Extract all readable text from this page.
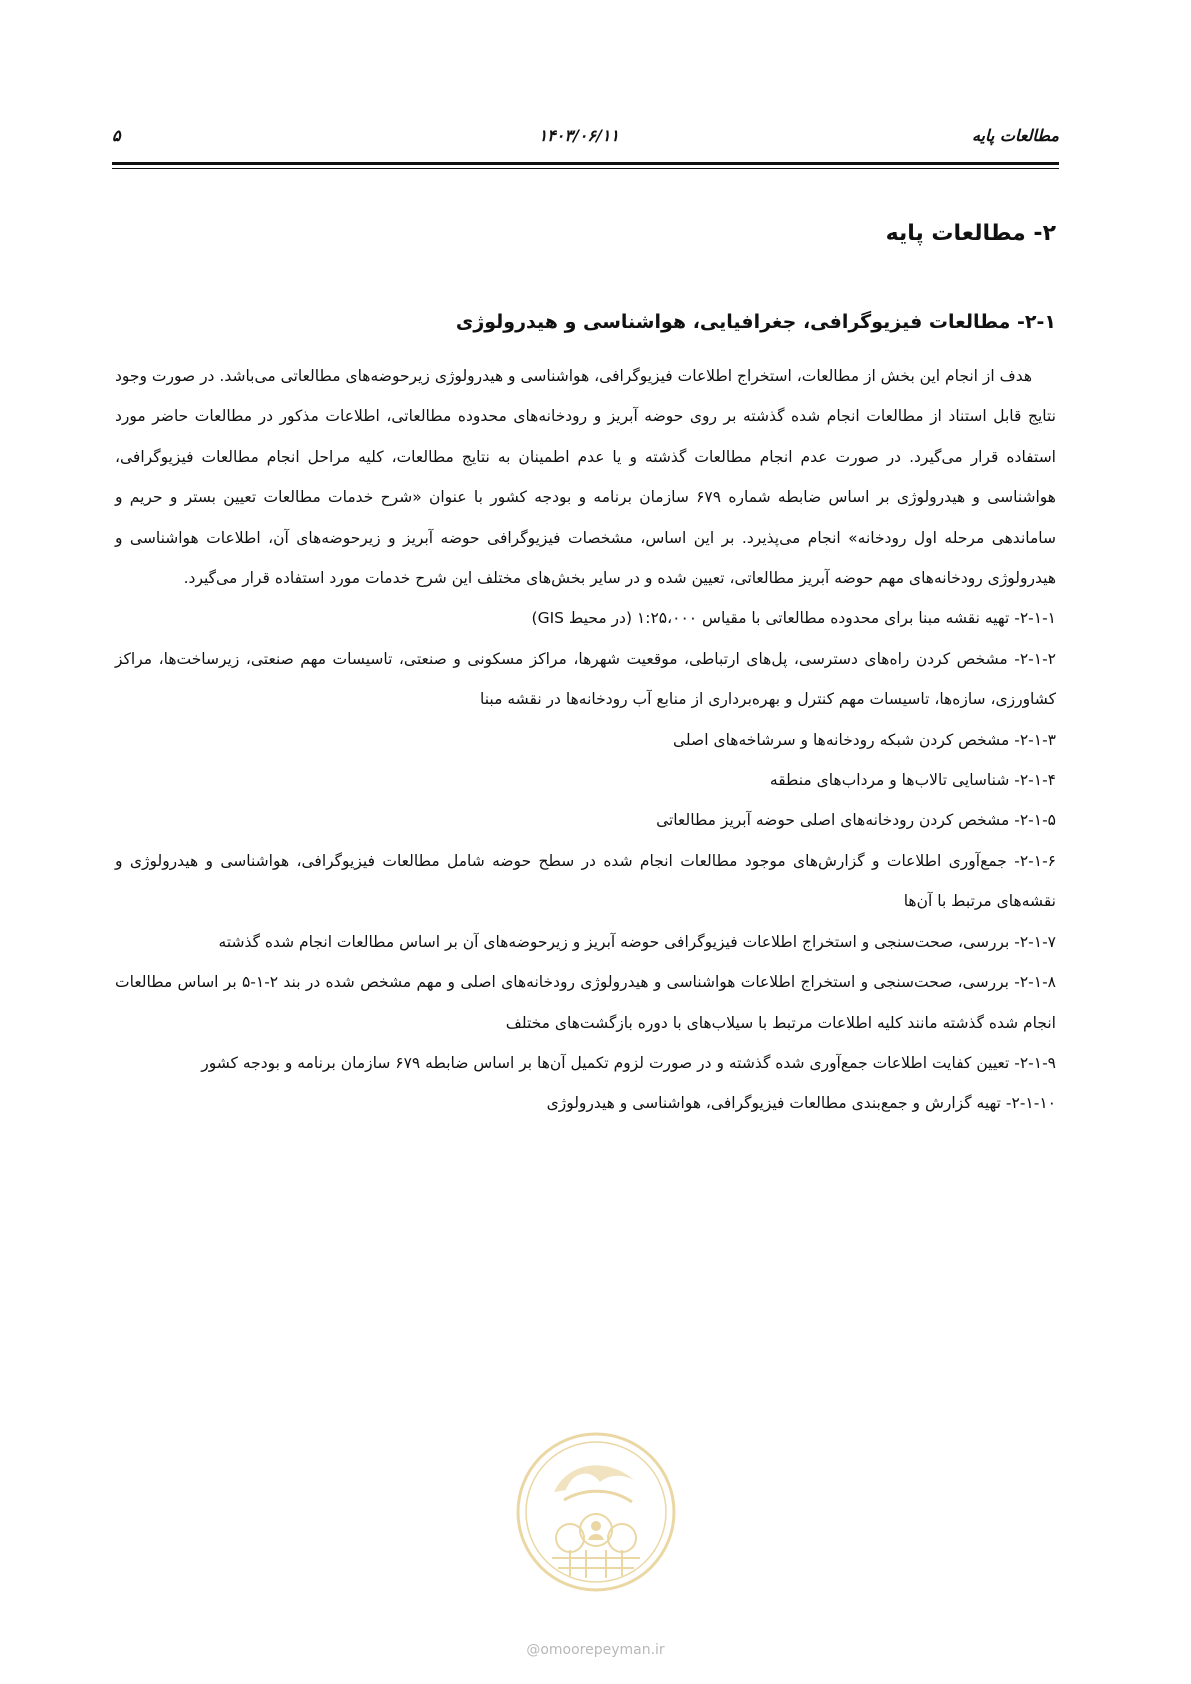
مطالعات پایه
۱۴۰۳/۰۶/۱۱
۵
۲- مطالعات پایه
۲-۱- مطالعات فیزیوگرافی، جغرافیایی، هواشناسی و هیدرولوژی

هدف از انجام این بخش از مطالعات، استخراج اطلاعات فیزیوگرافی، هواشناسی و هیدرولوژی زیرحوضه‌های مطالعاتی می‌باشد. در صورت وجود نتایج قابل استناد از مطالعات انجام شده گذشته بر روی حوضه آبریز و رودخانه‌های محدوده مطالعاتی، اطلاعات مذکور در مطالعات حاضر مورد استفاده قرار می‌گیرد. در صورت عدم انجام مطالعات گذشته و یا عدم اطمینان به نتایج مطالعات، کلیه مراحل انجام مطالعات فیزیوگرافی، هواشناسی و هیدرولوژی بر اساس ضابطه شماره ۶۷۹ سازمان برنامه و بودجه کشور با عنوان «شرح خدمات مطالعات تعیین بستر و حریم و ساماندهی مرحله اول رودخانه» انجام می‌پذیرد. بر این اساس، مشخصات فیزیوگرافی حوضه آبریز و زیرحوضه‌های آن، اطلاعات هواشناسی و هیدرولوژی رودخانه‌های مهم حوضه آبریز مطالعاتی، تعیین شده و در سایر بخش‌های مختلف این شرح خدمات مورد استفاده قرار می‌گیرد.

۲-۱-۱- تهیه نقشه مبنا برای محدوده مطالعاتی با مقیاس ۱:۲۵،۰۰۰ (در محیط GIS)
۲-۱-۲- مشخص کردن راه‌های دسترسی، پل‌های ارتباطی، موقعیت شهرها، مراکز مسکونی و صنعتی، تاسیسات مهم صنعتی، زیرساخت‌ها، مراکز کشاورزی، سازه‌ها، تاسیسات مهم کنترل و بهره‌برداری از منابع آب رودخانه‌ها در نقشه مبنا
۲-۱-۳- مشخص کردن شبکه رودخانه‌ها و سرشاخه‌های اصلی
۲-۱-۴- شناسایی تالاب‌ها و مرداب‌های منطقه
۲-۱-۵- مشخص کردن رودخانه‌های اصلی حوضه آبریز مطالعاتی
۲-۱-۶- جمع‌آوری اطلاعات و گزارش‌های موجود مطالعات انجام شده در سطح حوضه شامل مطالعات فیزیوگرافی، هواشناسی و هیدرولوژی و نقشه‌های مرتبط با آن‌ها
۲-۱-۷- بررسی، صحت‌سنجی و استخراج اطلاعات فیزیوگرافی حوضه آبریز و زیرحوضه‌های آن بر اساس مطالعات انجام شده گذشته
۲-۱-۸- بررسی، صحت‌سنجی و استخراج اطلاعات هواشناسی و هیدرولوژی رودخانه‌های اصلی و مهم مشخص شده در بند ۲-۱-۵ بر اساس مطالعات انجام شده گذشته مانند کلیه اطلاعات مرتبط با سیلاب‌های با دوره بازگشت‌های مختلف
۲-۱-۹- تعیین کفایت اطلاعات جمع‌آوری شده گذشته و در صورت لزوم تکمیل آن‌ها بر اساس ضابطه ۶۷۹ سازمان برنامه و بودجه کشور
۲-۱-۱۰- تهیه گزارش و جمع‌بندی مطالعات فیزیوگرافی، هواشناسی و هیدرولوژی
@omoorepeyman.ir
